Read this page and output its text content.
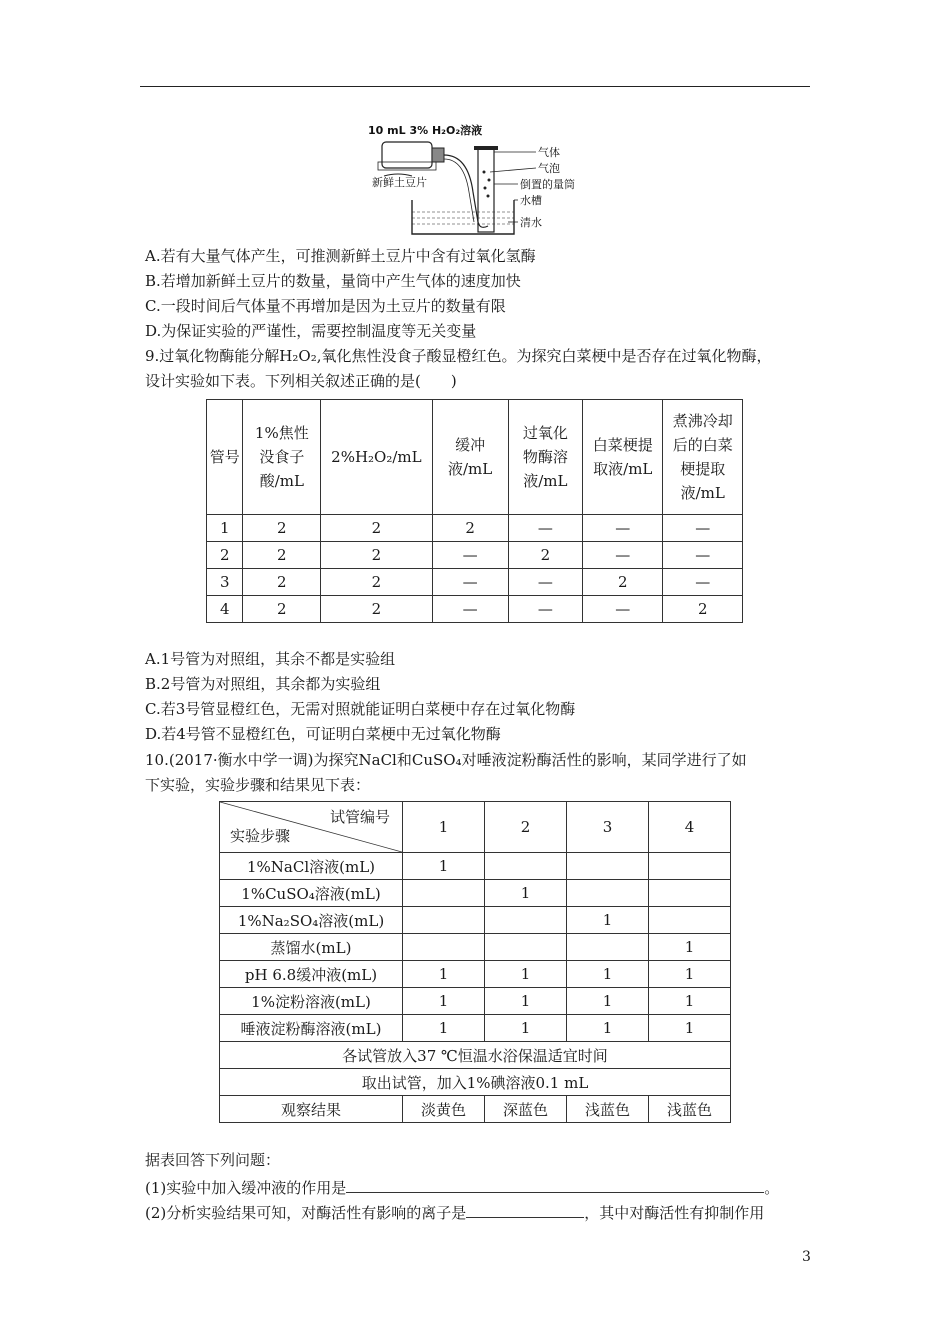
10 mL 3% H₂O₂溶液
气体
气泡
倒置的量筒
水槽
清水
新鲜土豆片
A.若有大量气体产生，可推测新鲜土豆片中含有过氧化氢酶
B.若增加新鲜土豆片的数量，量筒中产生气体的速度加快
C.一段时间后气体量不再增加是因为土豆片的数量有限
D.为保证实验的严谨性，需要控制温度等无关变量
9.过氧化物酶能分解H₂O₂,氧化焦性没食子酸显橙红色。为探究白菜梗中是否存在过氧化物酶，
设计实验如下表。下列相关叙述正确的是(　　)
管号	1%焦性没食子酸/mL	2%H₂O₂/mL	缓冲液/mL	过氧化物酶溶液/mL	白菜梗提取液/mL	煮沸冷却后的白菜梗提取液/mL
1	2	2	2	—	—	—
2	2	2	—	2	—	—
3	2	2	—	—	2	—
4	2	2	—	—	—	2
A.1号管为对照组，其余不都是实验组
B.2号管为对照组，其余都为实验组
C.若3号管显橙红色，无需对照就能证明白菜梗中存在过氧化物酶
D.若4号管不显橙红色，可证明白菜梗中无过氧化物酶
10.(2017·衡水中学一调)为探究NaCl和CuSO₄对唾液淀粉酶活性的影响，某同学进行了如
下实验，实验步骤和结果见下表：
试管编号
实验步骤	1	2	3	4
1%NaCl溶液(mL)	1			
1%CuSO₄溶液(mL)		1		
1%Na₂SO₄溶液(mL)			1	
蒸馏水(mL)				1
pH 6.8缓冲液(mL)	1	1	1	1
1%淀粉溶液(mL)	1	1	1	1
唾液淀粉酶溶液(mL)	1	1	1	1
各试管放入37 ℃恒温水浴保温适宜时间				
取出试管，加入1%碘溶液0.1 mL				
观察结果	淡黄色	深蓝色	浅蓝色	浅蓝色
据表回答下列问题：
(1)实验中加入缓冲液的作用是	。
(2)分析实验结果可知，对酶活性有影响的离子是	，其中对酶活性有抑制作用
3
